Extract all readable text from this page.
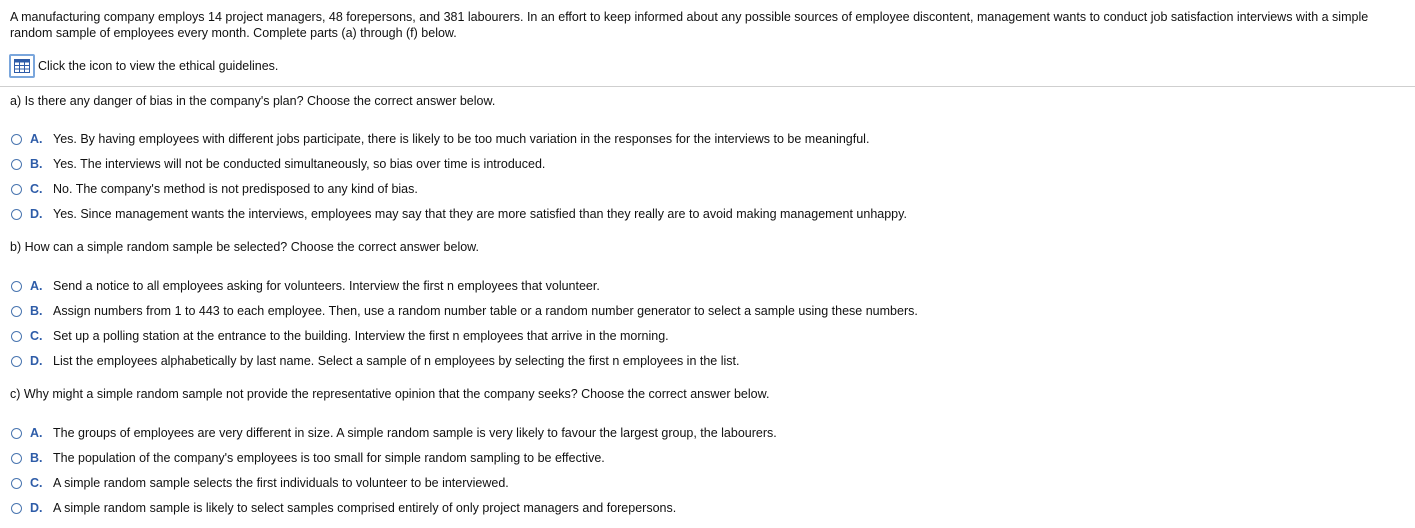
A manufacturing company employs 14 project managers, 48 forepersons, and 381 labourers. In an effort to keep informed about any possible sources of employee discontent, management wants to conduct job satisfaction interviews with a simple random sample of employees every month. Complete parts (a) through (f) below.
Click the icon to view the ethical guidelines.
a) Is there any danger of bias in the company's plan? Choose the correct answer below.
A. Yes. By having employees with different jobs participate, there is likely to be too much variation in the responses for the interviews to be meaningful.
B. Yes. The interviews will not be conducted simultaneously, so bias over time is introduced.
C. No. The company's method is not predisposed to any kind of bias.
D. Yes. Since management wants the interviews, employees may say that they are more satisfied than they really are to avoid making management unhappy.
b) How can a simple random sample be selected? Choose the correct answer below.
A. Send a notice to all employees asking for volunteers. Interview the first n employees that volunteer.
B. Assign numbers from 1 to 443 to each employee. Then, use a random number table or a random number generator to select a sample using these numbers.
C. Set up a polling station at the entrance to the building. Interview the first n employees that arrive in the morning.
D. List the employees alphabetically by last name. Select a sample of n employees by selecting the first n employees in the list.
c) Why might a simple random sample not provide the representative opinion that the company seeks? Choose the correct answer below.
A. The groups of employees are very different in size. A simple random sample is very likely to favour the largest group, the labourers.
B. The population of the company's employees is too small for simple random sampling to be effective.
C. A simple random sample selects the first individuals to volunteer to be interviewed.
D. A simple random sample is likely to select samples comprised entirely of only project managers and forepersons.
